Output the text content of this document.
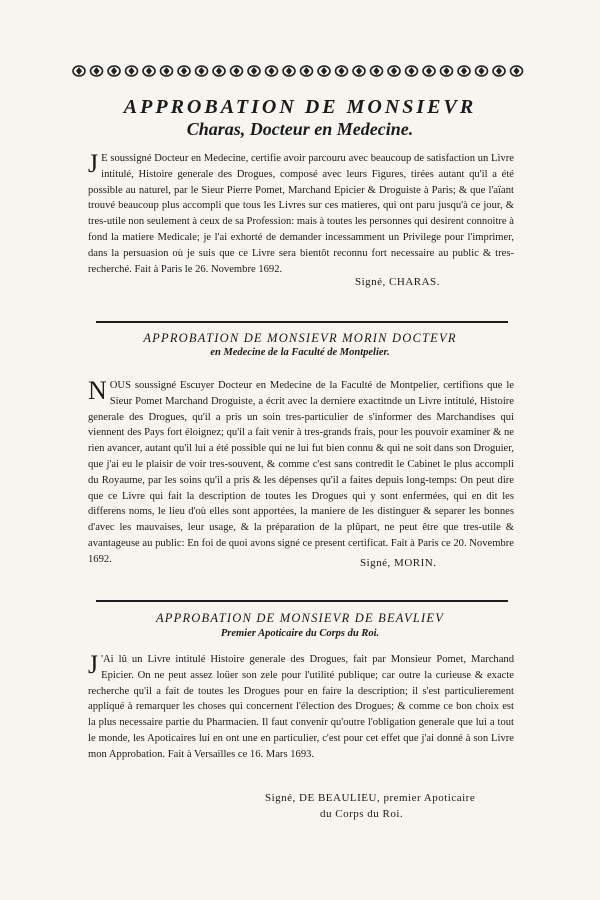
APPROBATION DE MONSIEVR
Charas, Docteur en Medecine.

J E soussigné Docteur en Medecine, certifie avoir parcouru avec beaucoup de satisfaction un Livre intitulé, Histoire generale des Drogues, composé avec leurs Figures, tirées autant qu'il a été possible au naturel, par le Sieur Pierre Pomet, Marchand Epicier & Droguiste à Paris; & que l'aïant trouvé beaucoup plus accompli que tous les Livres sur ces matieres, qui ont paru jusqu'à ce jour, & tres-utile non seulement à ceux de sa Profession: mais à toutes les personnes qui desirent connoitre à fond la matiere Medicale; je l'ai exhorté de demander incessamment un Privilege pour l'imprimer, dans la persuasion où je suis que ce Livre sera bientôt reconnu fort necessaire au public & tres-recherché. Fait à Paris le 26. Novembre 1692.

Signé, CHARAS.
APPROBATION DE MONSIEVR MORIN DOCTEVR
en Medecine de la Faculté de Montpelier.

NOUS soussigné Escuyer Docteur en Medecine de la Faculté de Montpelier, certifions que le Sieur Pomet Marchand Droguiste, a écrit avec la derniere exactitnde un Livre intitulé, Histoire generale des Drogues, qu'il a pris un soin tres-particulier de s'informer des Marchandises qui viennent des Pays fort éloignez; qu'il a fait venir à tres-grands frais, pour les pouvoir examiner & ne rien avancer, autant qu'il lui a été possible qui ne lui fut bien connu & qui ne soit dans son Droguier, que j'ai eu le plaisir de voir tres-souvent, & comme c'est sans contredit le Cabinet le plus accompli du Royaume, par les soins qu'il a pris & les dépenses qu'il a faites depuis long-temps: On peut dire que ce Livre qui fait la description de toutes les Drogues qui y sont enfermées, qui en dit les differens noms, le lieu d'où elles sont apportées, la maniere de les distinguer & separer les bonnes d'avec les mauvaises, leur usage, & la préparation de la plûpart, ne peut être que tres-utile & avantageuse au public: En foi de quoi avons signé ce present certificat. Fait à Paris ce 20. Novembre 1692.	Signé, MORIN.
APPROBATION DE MONSIEVR DE BEAVLIEV
Premier Apoticaire du Corps du Roi.

J 'Ai lû un Livre intitulé Histoire generale des Drogues, fait par Monsieur Pomet, Marchand Epicier. On ne peut assez loüer son zele pour l'utilité publique; car outre la curieuse & exacte recherche qu'il a fait de toutes les Drogues pour en faire la description; il s'est particulierement appliqué à remarquer les choses qui concernent l'élection des Drogues; & comme ce bon choix est la plus necessaire partie du Pharmacien. Il faut convenir qu'outre l'obligation generale que lui a tout le monde, les Apoticaires lui en ont une en particulier, c'est pour cet effet que j'ai donné à son Livre mon Approbation. Fait à Versailles ce 16. Mars 1693.

Signé, DE BEAULIEU, premier Apoticaire
du Corps du Roi.
